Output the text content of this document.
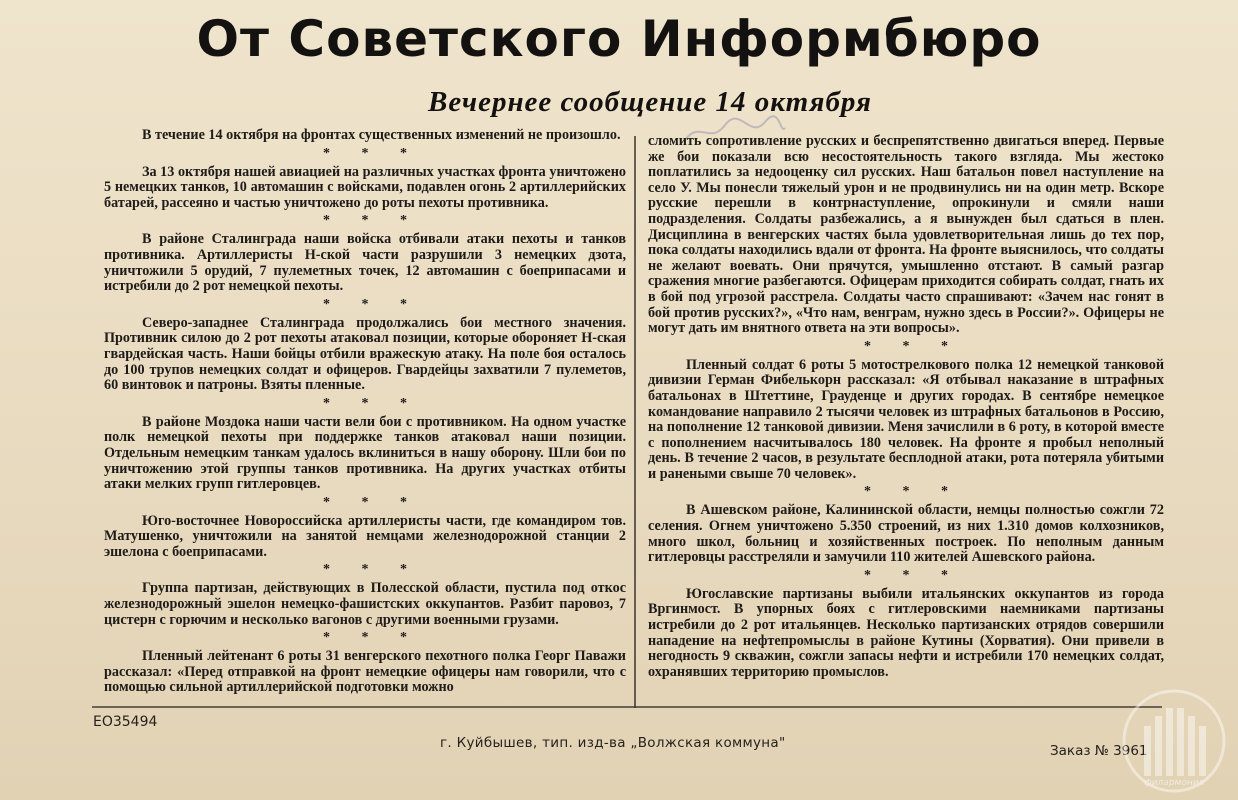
От Советского Информбюро
Вечернее сообщение 14 октября

В течение 14 октября на фронтах существенных изменений не произошло.

* * *

За 13 октября нашей авиацией на различных участках фронта уничтожено 5 немецких танков, 10 автомашин с войсками, подавлен огонь 2 артиллерийских батарей, рассеяно и частью уничтожено до роты пехоты противника.

* * *

В районе Сталинграда наши войска отбивали атаки пехоты и танков противника. Артиллеристы Н-ской части разрушили 3 немецких дзота, уничтожили 5 орудий, 7 пулеметных точек, 12 автомашин с боеприпасами и истребили до 2 рот немецкой пехоты.

* * *

Северо-западнее Сталинграда продолжались бои местного значения. Противник силою до 2 рот пехоты атаковал позиции, которые обороняет Н-ская гвардейская часть. Наши бойцы отбили вражескую атаку. На поле боя осталось до 100 трупов немецких солдат и офицеров. Гвардейцы захватили 7 пулеметов, 60 винтовок и патроны. Взяты пленные.

* * *

В районе Моздока наши части вели бои с противником. На одном участке полк немецкой пехоты при поддержке танков атаковал наши позиции. Отдельным немецким танкам удалось вклиниться в нашу оборону. Шли бои по уничтожению этой группы танков противника. На других участках отбиты атаки мелких групп гитлеровцев.

* * *

Юго-восточнее Новороссийска артиллеристы части, где командиром тов. Матушенко, уничтожили на занятой немцами железнодорожной станции 2 эшелона с боеприпасами.

* * *

Группа партизан, действующих в Полесской области, пустила под откос железнодорожный эшелон немецко-фашистских оккупантов. Разбит паровоз, 7 цистерн с горючим и несколько вагонов с другими военными грузами.

* * *

Пленный лейтенант 6 роты 31 венгерского пехотного полка Георг Паважи рассказал: «Перед отправкой на фронт немецкие офицеры нам говорили, что с помощью сильной артиллерийской подготовки можно

сломить сопротивление русских и беспрепятственно двигаться вперед. Первые же бои показали всю несостоятельность такого взгляда. Мы жестоко поплатились за недооценку сил русских. Наш батальон повел наступление на село У. Мы понесли тяжелый урон и не продвинулись ни на один метр. Вскоре русские перешли в контрнаступление, опрокинули и смяли наши подразделения. Солдаты разбежались, а я вынужден был сдаться в плен. Дисциплина в венгерских частях была удовлетворительная лишь до тех пор, пока солдаты находились вдали от фронта. На фронте выяснилось, что солдаты не желают воевать. Они прячутся, умышленно отстают. В самый разгар сражения многие разбегаются. Офицерам приходится собирать солдат, гнать их в бой под угрозой расстрела. Солдаты часто спрашивают: «Зачем нас гонят в бой против русских?», «Что нам, венграм, нужно здесь в России?». Офицеры не могут дать им внятного ответа на эти вопросы».

* * *

Пленный солдат 6 роты 5 мотострелкового полка 12 немецкой танковой дивизии Герман Фибелькорн рассказал: «Я отбывал наказание в штрафных батальонах в Штеттине, Грауденце и других городах. В сентябре немецкое командование направило 2 тысячи человек из штрафных батальонов в Россию, на пополнение 12 танковой дивизии. Меня зачислили в 6 роту, в которой вместе с пополнением насчитывалось 180 человек. На фронте я пробыл неполный день. В течение 2 часов, в результате бесплодной атаки, рота потеряла убитыми и ранеными свыше 70 человек».

* * *

В Ашевском районе, Калининской области, немцы полностью сожгли 72 селения. Огнем уничтожено 5.350 строений, из них 1.310 домов колхозников, много школ, больниц и хозяйственных построек. По неполным данным гитлеровцы расстреляли и замучили 110 жителей Ашевского района.

* * *

Югославские партизаны выбили итальянских оккупантов из города Вргинмост. В упорных боях с гитлеровскими наемниками партизаны истребили до 2 рот итальянцев. Несколько партизанских отрядов совершили нападение на нефтепромыслы в районе Кутины (Хорватия). Они привели в негодность 9 скважин, сожгли запасы нефти и истребили 170 немецких солдат, охранявших территорию промыслов.

ЕО35494
г. Куйбышев, тип. изд-ва „Волжская коммуна"	Заказ № 3961
филармония
